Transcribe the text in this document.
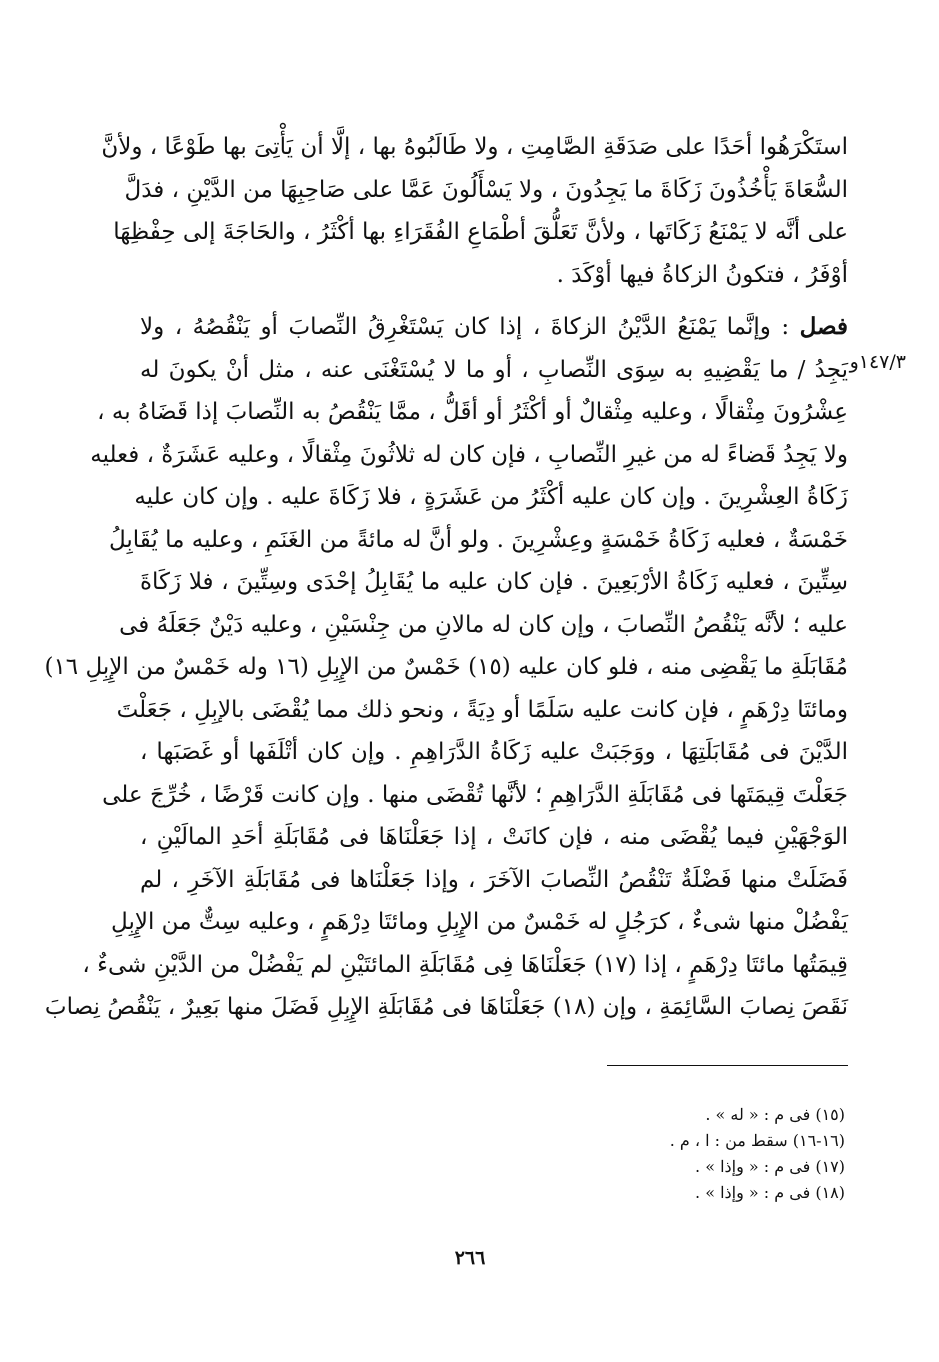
١٤٧/٣و
استَكْرَهُوا أحَدًا على صَدَقَةِ الصَّامِتِ ، ولا طَالَبُوهُ بها ، إلَّا أن يَأْتِىَ بها طَوْعًا ، ولأنَّ
السُّعَاةَ يَأْخُذُونَ زَكَاةَ ما يَجِدُونَ ، ولا يَسْأَلُونَ عَمَّا على صَاحِبِهَا من الدَّيْنِ ، فدَلَّ
على أنَّه لا يَمْنَعُ زَكَاتَها ، ولأنَّ تَعَلُّقَ أطْمَاعِ الفُقَرَاءِ بها أكْثَرُ ، والحَاجَةَ إلى حِفْظِهَا
أوْفَرُ ، فتكونُ الزكاةُ فيها أوْكَدَ .
فصل : وإنَّما يَمْنَعُ الدَّيْنُ الزكاةَ ، إذا كان يَسْتَغْرِقُ النِّصابَ أو يَنْقُصُهُ ، ولا
يَجِدُ / ما يَقْضِيهِ به سِوَى النِّصابِ ، أو ما لا يُسْتَغْنَى عنه ، مثل أنْ يكونَ له
عِشْرُونَ مِثْقالًا ، وعليه مِثْقالٌ أو أكْثَرُ أو أقَلُّ ، ممَّا يَنْقُصُ به النِّصابَ إذا قَضَاهُ به ،
ولا يَجِدُ قَضاءً له من غيرِ النِّصابِ ، فإن كان له ثلاثُونَ مِثْقالًا ، وعليه عَشَرَةٌ ، فعليه
زَكَاةُ العِشْرِينَ . وإن كان عليه أكْثَرُ من عَشَرَةٍ ، فلا زَكَاةَ عليه . وإن كان عليه
خَمْسَةٌ ، فعليه زَكَاةُ خَمْسَةٍ وعِشْرِينَ . ولو أنَّ له مائةً من الغَنَمِ ، وعليه ما يُقَابِلُ
سِتِّينَ ، فعليه زَكَاةُ الأرْبَعِينَ . فإن كان عليه ما يُقَابِلُ إحْدَى وسِتِّينَ ، فلا زَكَاةَ
عليه ؛ لأنَّه يَنْقُصُ النِّصابَ ، وإن كان له مالانِ من جِنْسَيْنِ ، وعليه دَيْنٌ جَعَلَهُ فى
مُقَابَلَةِ ما يَقْضِى منه ، فلو كان عليه (١٥) خَمْسٌ من الإِبِلِ (١٦ وله خَمْسٌ من الإِبِلِ ١٦)
ومائتَا دِرْهَمٍ ، فإن كانت عليه سَلَمًا أو دِيَةً ، ونحو ذلك مما يُقْضَى بالإبِلِ ، جَعَلْتَ
الدَّيْنَ فى مُقَابَلَتِهَا ، ووَجَبَتْ عليه زَكَاةُ الدَّرَاهِمِ . وإن كان أتْلَفَها أو غَصَبَها ،
جَعَلْتَ قِيمَتَها فى مُقَابَلَةِ الدَّرَاهِمِ ؛ لأنَّها تُقْضَى منها . وإن كانت قَرْضًا ، خُرِّجَ على
الوَجْهَيْنِ فيما يُقْضَى منه ، فإن كانَتْ ، إذا جَعَلْنَاهَا فى مُقَابَلَةِ أحَدِ المالَيْنِ ،
فَضَلَتْ منها فَضْلَةٌ تَنْقُصُ النِّصابَ الآخَرَ ، وإذا جَعَلْنَاها فى مُقَابَلَةِ الآخَرِ ، لم
يَفْضُلْ منها شىءٌ ، كرَجُلٍ له خَمْسٌ من الإِبِلِ ومائتَا دِرْهَمٍ ، وعليه سِتٌّ من الإِبِلِ
قِيمَتُها مائتَا دِرْهَمٍ ، إذا (١٧) جَعَلْنَاهَا فِى مُقَابَلَةِ المائتَيْنِ لم يَفْضُلْ من الدَّيْنِ شىءٌ ،
نَقَصَ نِصابَ السَّائِمَةِ ، وإن (١٨) جَعَلْنَاهَا فى مُقَابَلَةِ الإِبِلِ فَضَلَ منها بَعِيرٌ ، يَنْقُصُ نِصابَ
(١٥) فى م : « له » .
(١٦-١٦) سقط من : ا ، م .
(١٧) فى م : « وإذا » .
(١٨) فى م : « وإذا » .
٢٦٦
